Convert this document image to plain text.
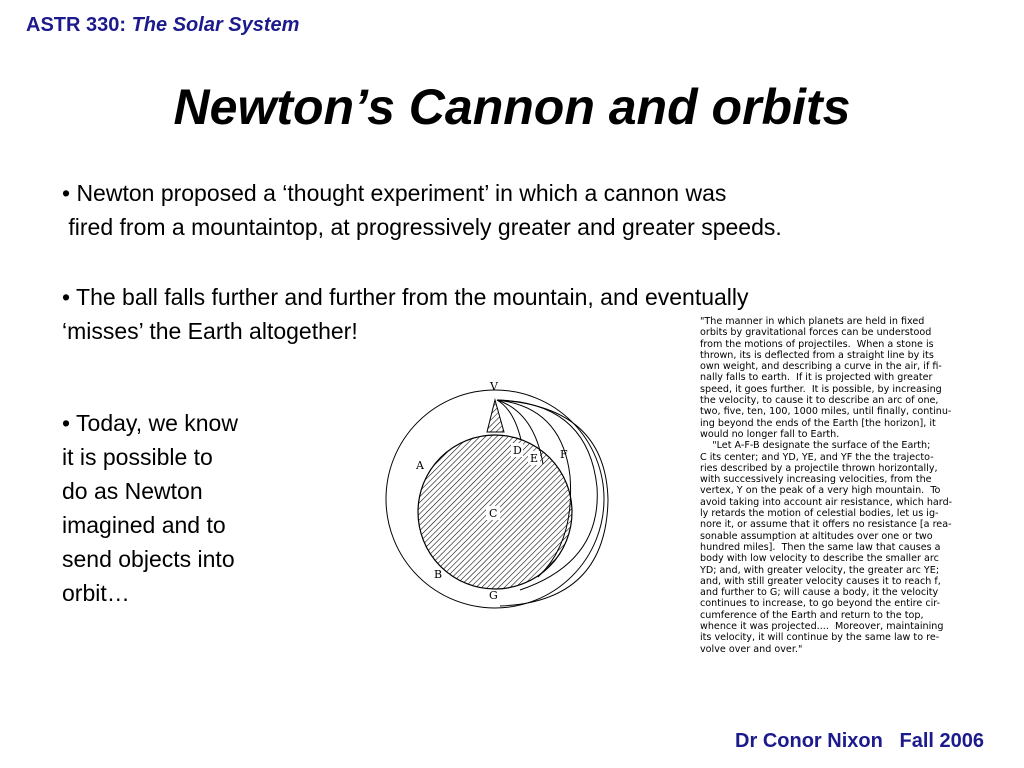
ASTR 330: The Solar System
Newton’s Cannon and orbits

• Newton proposed a ‘thought experiment’ in which a cannon was
fired from a mountaintop, at progressively greater and greater speeds.

• The ball falls further and further from the mountain, and eventually
‘misses’ the Earth altogether!

• Today, we know
it is possible to
do as Newton
imagined and to
send objects into
orbit…

V
D
E F
A
C
B
G

"The manner in which planets are held in fixed
orbits by gravitational forces can be understood
from the motions of projectiles.  When a stone is
thrown, its is deflected from a straight line by its
own weight, and describing a curve in the air, if fi-
nally falls to earth.  If it is projected with greater
speed, it goes further.  It is possible, by increasing
the velocity, to cause it to describe an arc of one,
two, five, ten, 100, 1000 miles, until finally, continu-
ing beyond the ends of the Earth [the horizon], it
would no longer fall to Earth.
"Let A-F-B designate the surface of the Earth;
C its center; and YD, YE, and YF the the trajecto-
ries described by a projectile thrown horizontally,
with successively increasing velocities, from the
vertex, Y on the peak of a very high mountain.  To
avoid taking into account air resistance, which hard-
ly retards the motion of celestial bodies, let us ig-
nore it, or assume that it offers no resistance [a rea-
sonable assumption at altitudes over one or two
hundred miles].  Then the same law that causes a
body with low velocity to describe the smaller arc
YD; and, with greater velocity, the greater arc YE;
and, with still greater velocity causes it to reach f,
and further to G; will cause a body, it the velocity
continues to increase, to go beyond the entire cir-
cumference of the Earth and return to the top,
whence it was projected....  Moreover, maintaining
its velocity, it will continue by the same law to re-
volve over and over."

Dr Conor Nixon   Fall 2006
